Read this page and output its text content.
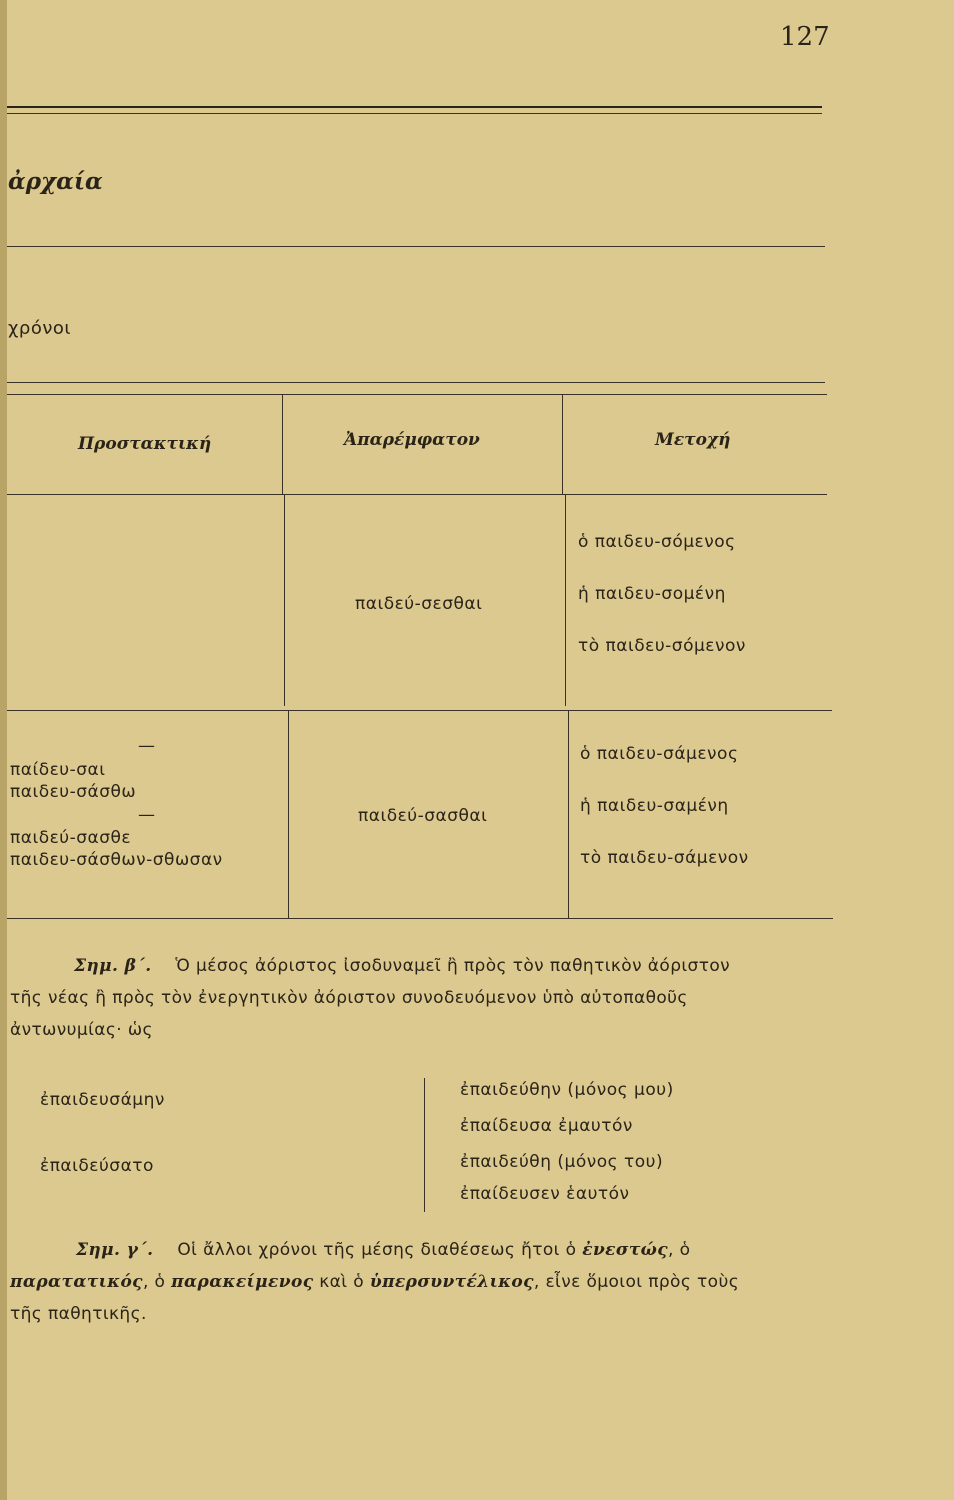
127
ἀρχαία
χρόνοι
Προστακτική	Ἀπαρέμφατον	Μετοχή
παιδεύ-σεσθαι
ὁ παιδευ-σόμενος
ἡ παιδευ-σομένη
τὸ παιδευ-σόμενον
—
παίδευ-σαι
παιδευ-σάσθω
—
παιδεύ-σασθε
παιδευ-σάσθων-σθωσαν
παιδεύ-σασθαι
ὁ παιδευ-σάμενος
ἡ παιδευ-σαμένη
τὸ παιδευ-σάμενον
Σημ. β΄. Ὁ μέσος ἀόριστος ἰσοδυναμεῖ ἢ πρὸς τὸν παθητικὸν ἀόριστον
τῆς νέας ἢ πρὸς τὸν ἐνεργητικὸν ἀόριστον συνοδευόμενον ὑπὸ αὐτοπαθοῦς
ἀντωνυμίας· ὡς
ἐπαιδευσάμην
ἐπαιδεύσατο
ἐπαιδεύθην (μόνος μου)
ἐπαίδευσα ἐμαυτόν
ἐπαιδεύθη (μόνος του)
ἐπαίδευσεν ἑαυτόν
Σημ. γ΄. Οἱ ἄλλοι χρόνοι τῆς μέσης διαθέσεως ἤτοι ὁ ἐνεστώς, ὁ
παρατατικός, ὁ παρακείμενος καὶ ὁ ὑπερσυντέλικος, εἶνε ὅμοιοι πρὸς τοὺς
τῆς παθητικῆς.
